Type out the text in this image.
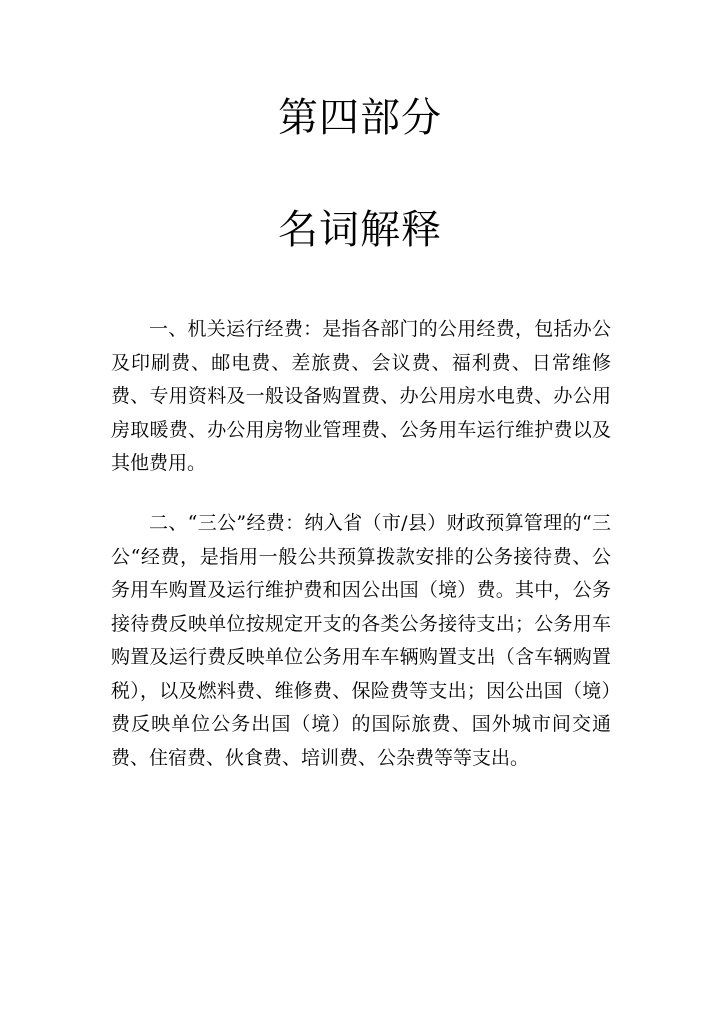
第四部分
名词解释

一、机关运行经费：是指各部门的公用经费，包括办公及印刷费、邮电费、差旅费、会议费、福利费、日常维修费、专用资料及一般设备购置费、办公用房水电费、办公用房取暖费、办公用房物业管理费、公务用车运行维护费以及其他费用。

二、“三公”经费：纳入省（市/县）财政预算管理的“三公“经费，是指用一般公共预算拨款安排的公务接待费、公务用车购置及运行维护费和因公出国（境）费。其中，公务接待费反映单位按规定开支的各类公务接待支出；公务用车购置及运行费反映单位公务用车车辆购置支出（含车辆购置税），以及燃料费、维修费、保险费等支出；因公出国（境）费反映单位公务出国（境）的国际旅费、国外城市间交通费、住宿费、伙食费、培训费、公杂费等等支出。
